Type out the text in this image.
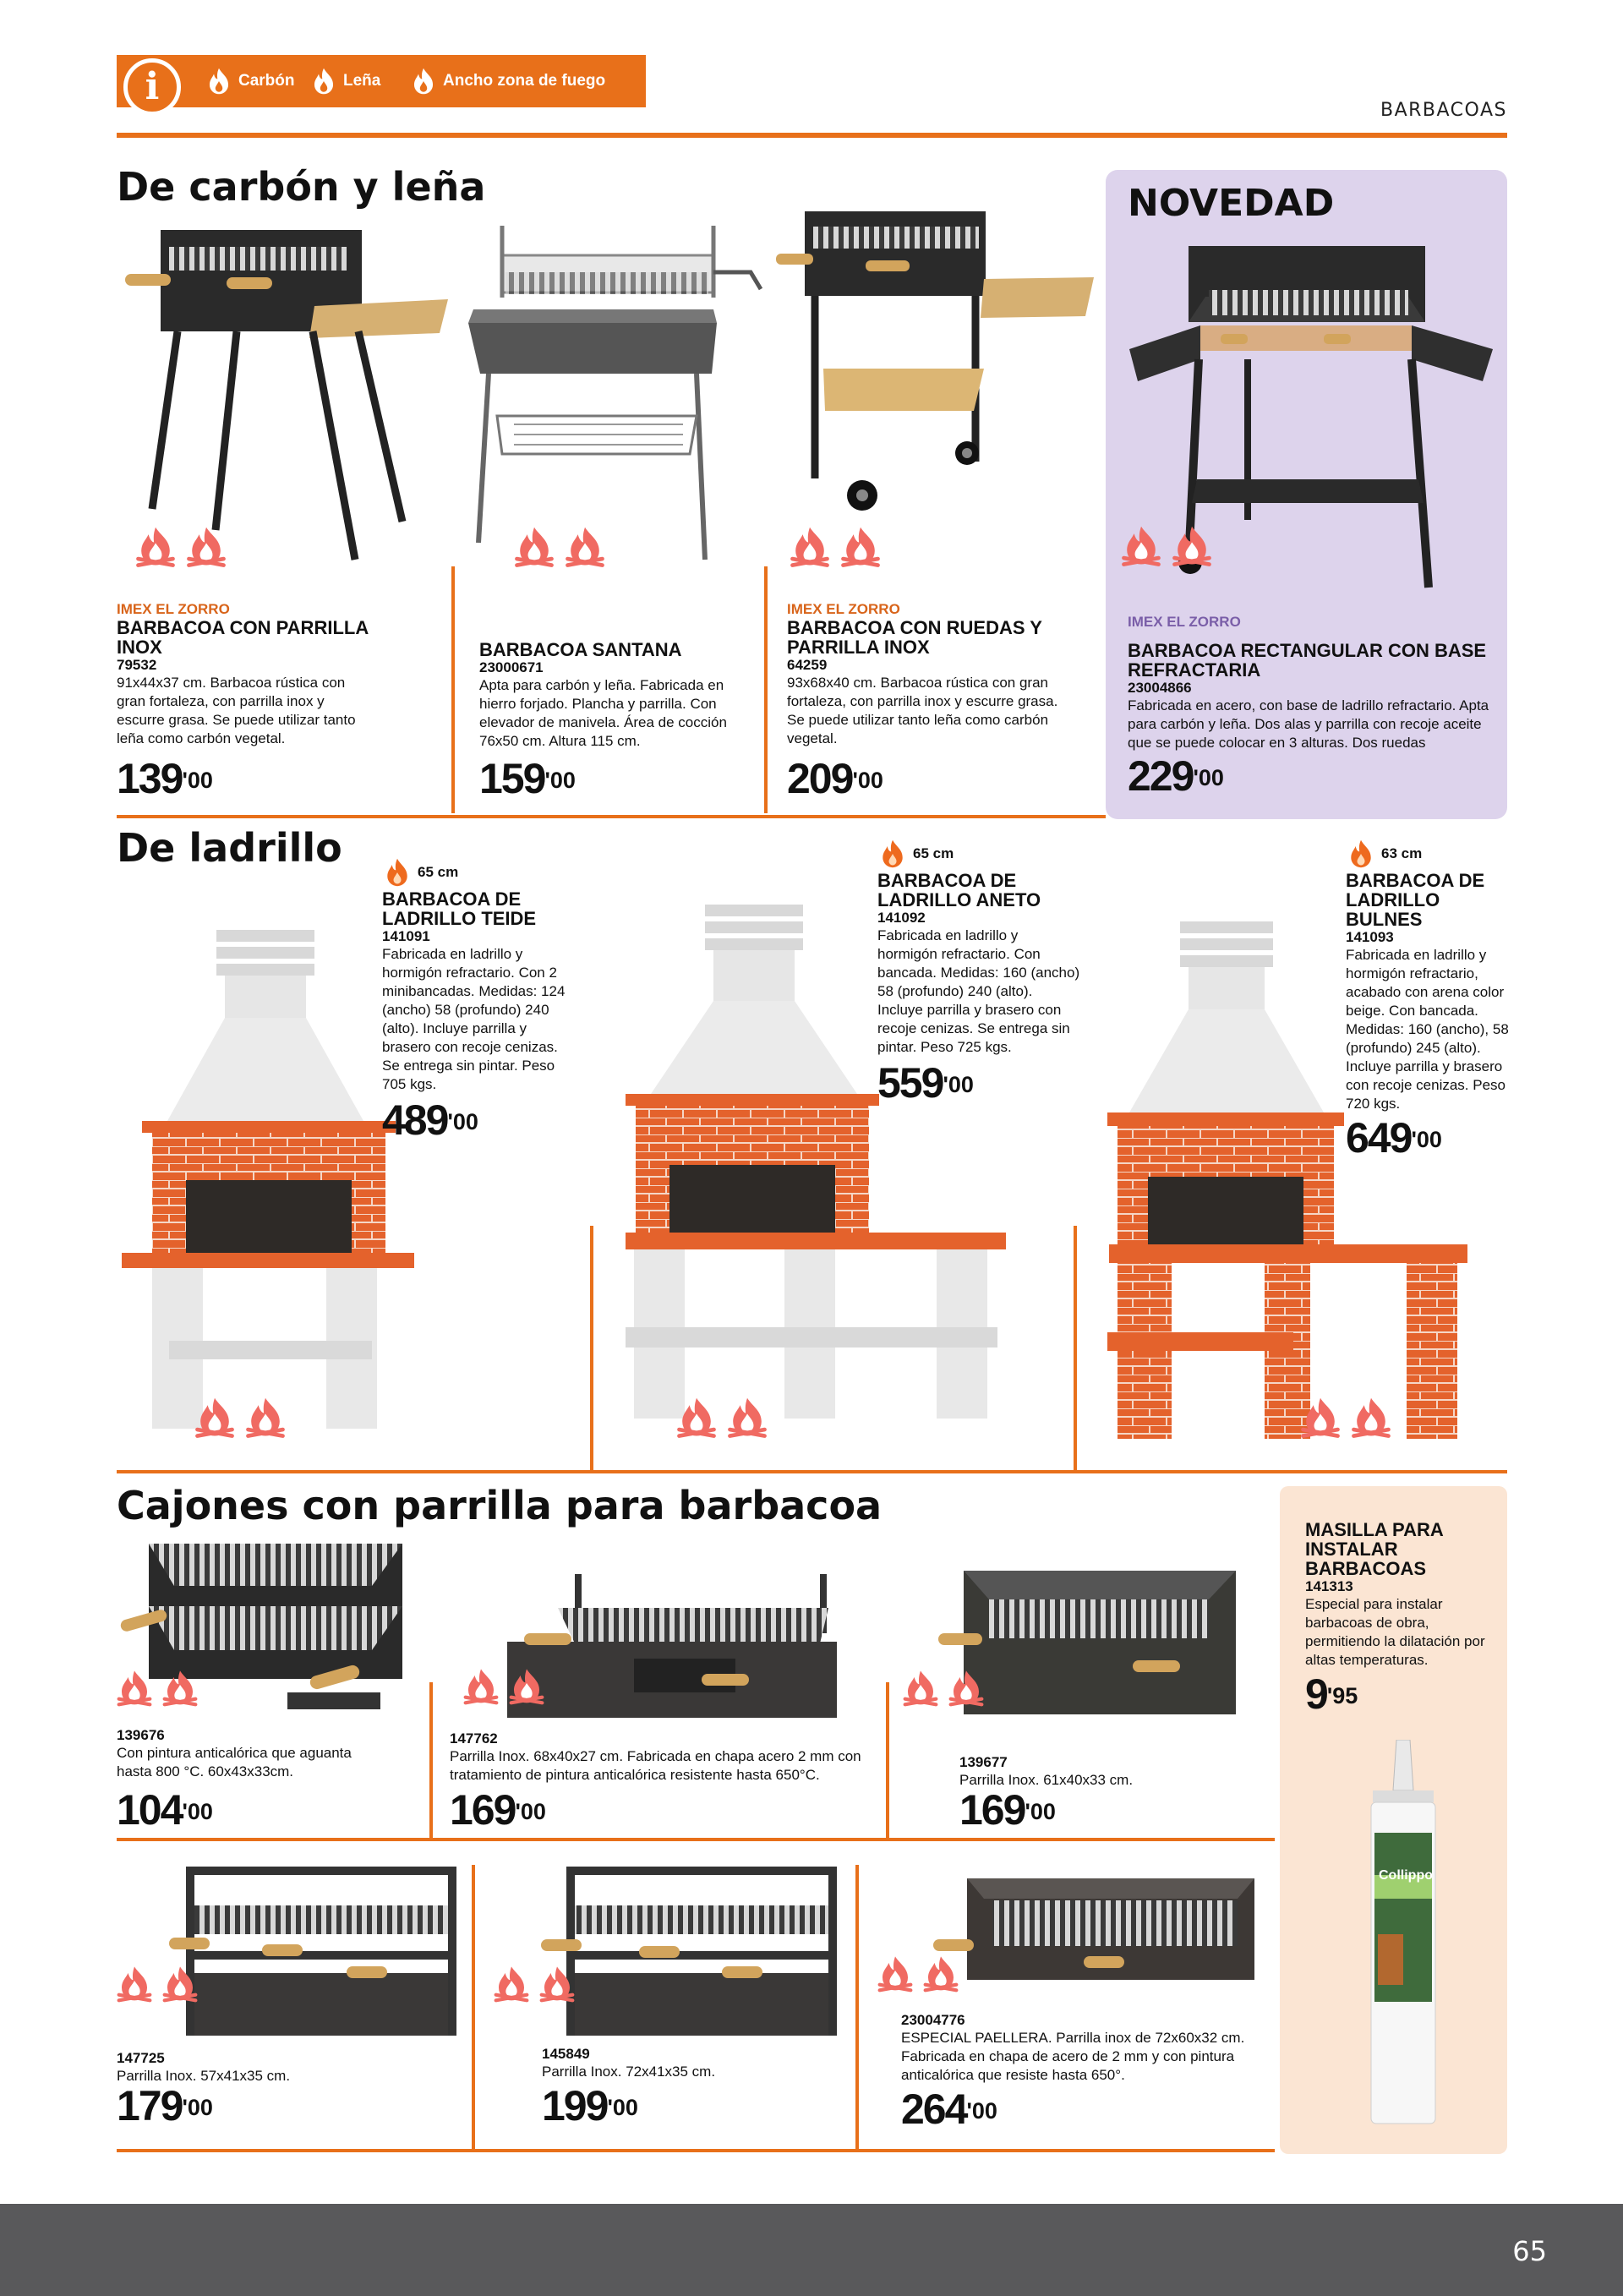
i	Carbón	Leña	Ancho zona de fuego
BARBACOAS
De carbón y leña
IMEX EL ZORRO
BARBACOA CON PARRILLA INOX
79532
91x44x37 cm. Barbacoa rústica con gran fortaleza, con parrilla inox y escurre grasa. Se puede utilizar tanto leña como carbón vegetal.
$139^{'00}$
BARBACOA SANTANA
23000671
Apta para carbón y leña. Fabricada en hierro forjado. Plancha y parrilla. Con elevador de manivela. Área de cocción 76x50 cm. Altura 115 cm.
$159^{'00}$
IMEX EL ZORRO
BARBACOA CON RUEDAS Y PARRILLA INOX
64259
93x68x40 cm. Barbacoa rústica con gran fortaleza, con parrilla inox y escurre grasa. Se puede utilizar tanto leña como carbón vegetal.
$209^{'00}$
NOVEDAD
IMEX EL ZORRO
BARBACOA RECTANGULAR CON BASE REFRACTARIA
23004866
Fabricada en acero, con base de ladrillo refractario. Apta para carbón y leña. Dos alas y parrilla con recoje aceite que se puede colocar en 3 alturas. Dos ruedas
$229^{'00}$
De ladrillo
65 cm
BARBACOA DE LADRILLO TEIDE
141091
Fabricada en ladrillo y hormigón refractario. Con 2 minibancadas. Medidas: 124 (ancho) 58 (profundo) 240 (alto). Incluye parrilla y brasero con recoje cenizas. Se entrega sin pintar. Peso 705 kgs.
$489^{'00}$
65 cm
BARBACOA DE LADRILLO ANETO
141092
Fabricada en ladrillo y hormigón refractario. Con bancada. Medidas: 160 (ancho) 58 (profundo) 240 (alto). Incluye parrilla y brasero con recoje cenizas. Se entrega sin pintar. Peso 725 kgs.
$559^{'00}$
63 cm
BARBACOA DE LADRILLO BULNES
141093
Fabricada en ladrillo y hormigón refractario, acabado con arena color beige. Con bancada. Medidas: 160 (ancho), 58 (profundo) 245 (alto). Incluye parrilla y brasero con recoje cenizas. Peso 720 kgs.
$649^{'00}$
Cajones con parrilla para barbacoa
139676
Con pintura anticalórica que aguanta hasta 800 °C. 60x43x33cm.
$104^{'00}$
147762
Parrilla Inox. 68x40x27 cm. Fabricada en chapa acero 2 mm con tratamiento de pintura anticalórica resistente hasta 650°C.
$169^{'00}$
139677
Parrilla Inox. 61x40x33 cm.
$169^{'00}$
147725
Parrilla Inox. 57x41x35 cm.
$179^{'00}$
145849
Parrilla Inox. 72x41x35 cm.
$199^{'00}$
23004776
ESPECIAL PAELLERA. Parrilla inox de 72x60x32 cm. Fabricada en chapa de acero de 2 mm y con pintura anticalórica que resiste hasta 650°.
$264^{'00}$
MASILLA PARA INSTALAR BARBACOAS
141313
Especial para instalar barbacoas de obra, permitiendo la dilatación por altas temperaturas.
$9^{'95}$
Collippo
65
